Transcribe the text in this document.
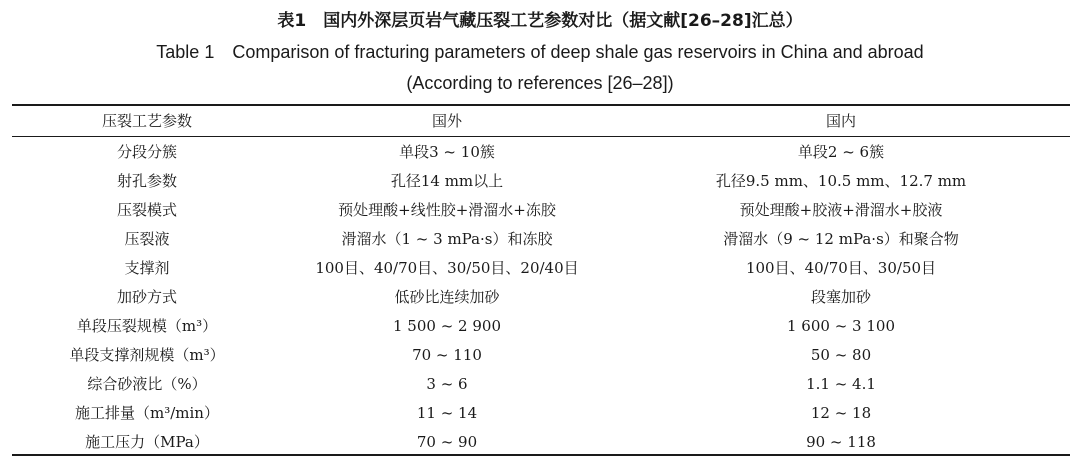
表1　国内外深层页岩气藏压裂工艺参数对比（据文献[26–28]汇总）
Table 1　Comparison of fracturing parameters of deep shale gas reservoirs in China and abroad
(According to references [26–28])
压裂工艺参数	国外	国内

分段分簇	单段3 ~ 10簇	单段2 ~ 6簇
射孔参数	孔径14 mm以上	孔径9.5 mm、10.5 mm、12.7 mm
压裂模式	预处理酸+线性胶+滑溜水+冻胶	预处理酸+胶液+滑溜水+胶液
压裂液	滑溜水（1 ~ 3 mPa·s）和冻胶	滑溜水（9 ~ 12 mPa·s）和聚合物
支撑剂	100目、40/70目、30/50目、20/40目	100目、40/70目、30/50目
加砂方式	低砂比连续加砂	段塞加砂
单段压裂规模（m³）	1 500 ~ 2 900	1 600 ~ 3 100
单段支撑剂规模（m³）	70 ~ 110	50 ~ 80
综合砂液比（%）	3 ~ 6	1.1 ~ 4.1
施工排量（m³/min）	11 ~ 14	12 ~ 18
施工压力（MPa）	70 ~ 90	90 ~ 118
